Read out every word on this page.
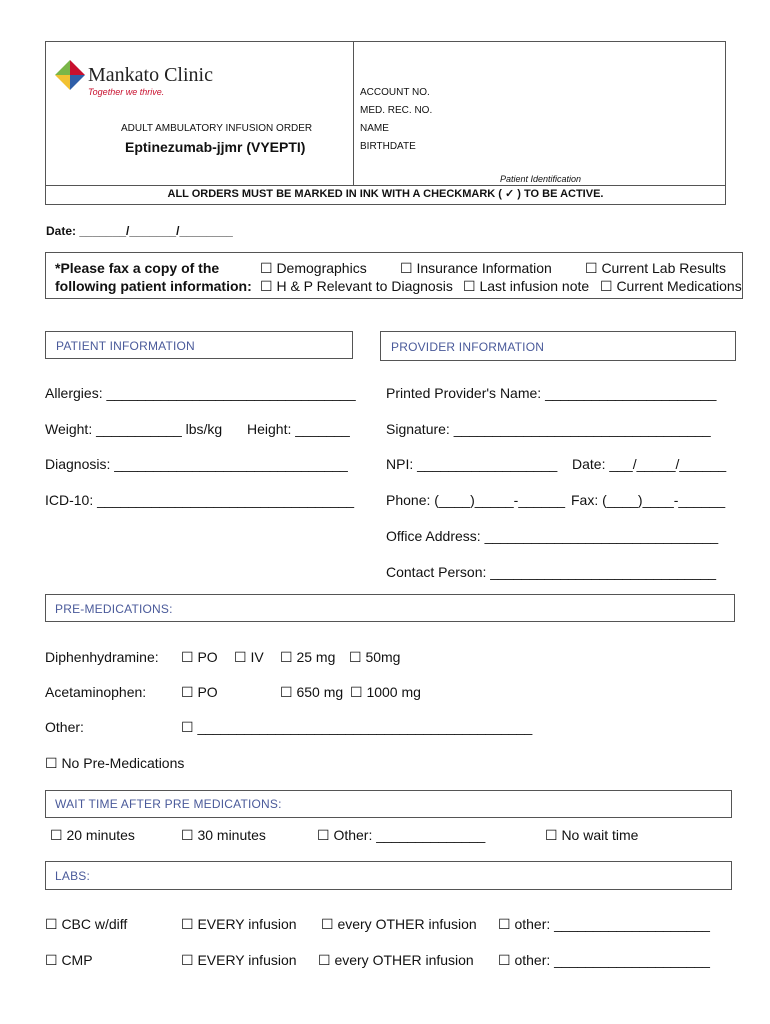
Mankato Clinic
Together we thrive.
ADULT AMBULATORY INFUSION ORDER
Eptinezumab-jjmr (VYEPTI)
ACCOUNT NO.
MED. REC. NO.
NAME
BIRTHDATE
Patient Identification
ALL ORDERS MUST BE MARKED IN INK WITH A CHECKMARK ( ✓ ) TO BE ACTIVE.
Date: _______/_______/________
*Please fax a copy of the
following patient information:
☐ Demographics ☐ Insurance Information ☐ Current Lab Results
☐ H & P Relevant to Diagnosis ☐ Last infusion note ☐ Current Medications
PATIENT INFORMATION
Allergies: ________________________________
Weight: ___________ lbs/kg Height: _______
Diagnosis: ______________________________
ICD-10: _________________________________
PROVIDER INFORMATION
Printed Provider's Name: ______________________
Signature: _________________________________
NPI: __________________ Date: ___/_____/______
Phone: (____)_____-______ Fax: (____)____-______
Office Address: ______________________________
Contact Person: _____________________________
PRE-MEDICATIONS:
Diphenhydramine: ☐ PO ☐ IV ☐ 25 mg ☐ 50mg
Acetaminophen: ☐ PO	☐ 650 mg ☐ 1000 mg
Other:	☐ ___________________________________________
☐ No Pre-Medications
WAIT TIME AFTER PRE MEDICATIONS:
☐ 20 minutes	☐ 30 minutes	☐ Other: ______________	☐ No wait time
LABS:
☐ CBC w/diff	☐ EVERY infusion ☐ every OTHER infusion ☐ other: ____________________
☐ CMP	☐ EVERY infusion ☐ every OTHER infusion ☐ other: ____________________
